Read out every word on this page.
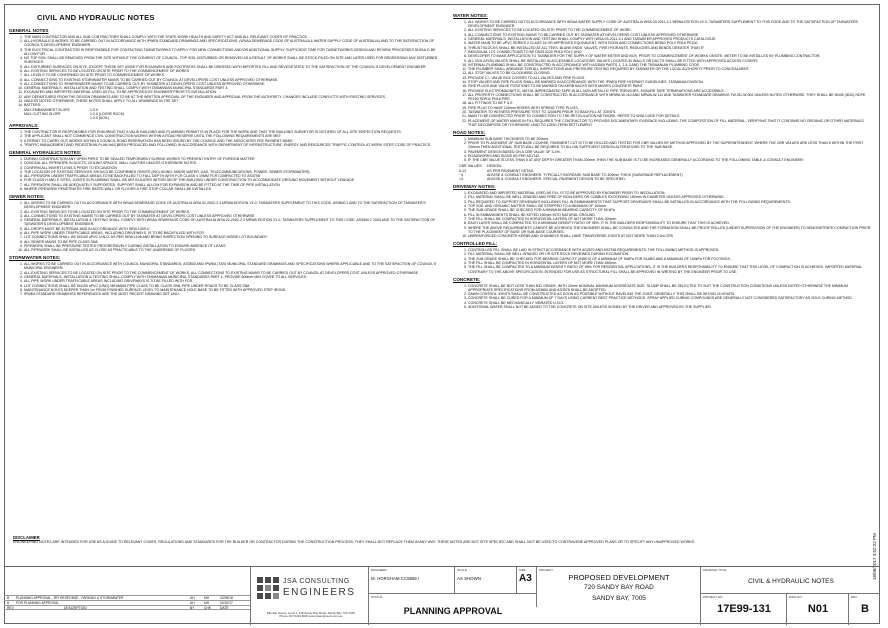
CIVIL AND HYDRAULIC NOTES
GENERAL NOTES
1. THE MAIN CONTRACTOR AND ALL SUB CONTRACTORS SHALL COMPLY WITH THE STATE WORK HEALTH AND SAFETY ACT AND ALL RELEVANT CODES OF PRACTICE.
2. ALL HYDRAULICS WORKS TO BE CARRIED OUT IN ACCORDANCE WITH IPWEA STANDARD DRAWINGS AND SPECIFICATIONS, (WSAA SEWERAGE CODE OF AUSTRALIA & WATER SUPPLY CODE OF AUSTRALIA) AND TO THE SATISFACTION OF COUNCIL'S DEVELOPMENT ENGINEER.
3. THE ELECTRICAL CONTRACTOR IS RESPONSIBLE FOR CONTACTING TASNETWORKS TO APPLY FOR NEW CONNECTIONS AND/OR ADDITIONAL SUPPLY. SUFFICIENT TIME FOR TASNETWORKS DESIGN AND REVIEW PROCESSES SHOULD BE ALLOW FOR.
4. NO TOP SOIL SHALL BE REMOVED FROM THE SITE WITHOUT THE CONSENT OF COUNCIL. TOP SOIL DISTURBED OR REMOVED AS A RESULT OF WORKS SHALL BE STOCK-PILED ON SITE AND LATER USED FOR REDRESSING ANY DISTURBED SURFACES.
5. ALL DISTURBED SURFACES ON SITE, EXCEPT THOSE SET ASIDE FOR ROADWAYS AND FOOTPATHS SHALL BE DRESSED WITH IMPORTED FILL AND REVEGETATED TO THE SATISFACTION OF THE COUNCIL'S DEVELOPMENT ENGINEER.
6. ALL EXISTING SERVICES TO BE LOCATED ON SITE PRIOR TO THE COMMENCEMENT OF WORKS
7. ALL LEVELS TO BE CONFIRMED ON SITE PRIOR TO COMMENCEMENT OF WORKS
8. ALL CONNECTIONS TO EXISTING STORMWATER MAINS TO BE CARRIED OUT BY COUNCIL AT DEVELOPERS COST UNLESS APPROVED OTHERWISE.
9. ALL CONNECTIONS TO SEWER/WATER MAINS TO BE CARRIED OUT BY TASWATER AT DEVELOPERS COST UNLESS APPROVED OTHERWISE.
10. GENERAL MATERIALS, INSTALLATION AND TESTING SHALL COMPLY WITH TASMANIAN MUNICIPAL STANDARDS PART 4.
11. EXCAVATED AND IMPORTED MATERIAL USED AS FILL TO BE APPROVED BY ENGINEER PRIOR TO INSTALLATION.
12. ANY DEPARTURES FROM THE DESIGN DRAWINGS ARE TO BE AT THE WRITTEN APPROVAL OF THE ENGINEER AND APPROVAL FROM THE AUTHORITY. CHANGES INCLUDE CONFLICTS WITH EXISTING SERVICES.
13. UNLESS NOTED OTHERWISE, THESE NOTES SHALL APPLY TO ALL DRAWINGS IN THE SET
14. BATTERS:
MAX EMBANKMENT SLOPE	1:3.0
MAX CUTTING SLOPE	1:2.0 (LOOSE ROCK)
1:3.0 (SOIL)
APPROVALS:
1. THE CONTRACTOR IS RESPONSIBLE FOR ENSURING THAT A VALID BUILDING AND PLUMBING PERMIT IS IN PLACE FOR THE WORK AND THAT THE BUILDING SURVEYOR IS NOTIFIED OF ALL SITE INSPECTION REQUESTS.
2. THE APPLICANT SHALL NOT COMMENCE CIVIL CONSTRUCTION WORKS WITHIN A ROAD RESERVE UNTIL THE FOLLOWING REQUIREMENTS ARE MET:
3. A PERMIT TO CARRY OUT WORKS WITHIN A COUNCIL ROAD RESERVATION HAS BEEN ISSUED BY THE COUNCIL AND THE ASSOCIATED FEE PAYMENT MADE.
4. TRAFFIC MANAGEMENT AND PEDESTRIAN PLAN HAS BEEN PRODUCED AND FOLLOWED IN ACCORDANCE WITH DEPARTMENT OF INFRASTRUCTURE, ENERGY AND RESOURCES 'TRAFFIC CONTROL AT WORK SITES' CODE OF PRACTICE.
GENERAL HYDRAULICS NOTES:
1. DURING CONSTRUCTION ANY OPEN PIPES TO BE SEALED TEMPORARILY DURING WORKS TO PREVENT ENTRY OF FOREIGN MATTER
2. CONCEAL ALL PIPEWORK IN DUCTS, CEILING SPACES, WALL CAVITIES UNLESS OTHERWISE NOTED
3. CONFIRM ALL INVERT LEVELS PRIOR TO EXCAVATION
4. THE LOCATION OF EXISTING SERVICES SHOULD BE CONFIRMED ONSITE (INCLUDING: MAINS WATER, GAS, TELECOMMUNICATIONS, POWER, SEWER STORMWATER).
5. ALL PIPEWORK UNDER TRAFFICABLE AREAS TO BE BACKFILLED TO FULL DEPTH WITH FCR CLASS 4 19MM FCR COMPACTED TO AS3798
6. FOR CLASS H AND E SITES, JOINTS IN PLUMBING SHALL BE ARTICULATED WITHIN 3M OF THE BUILDING UNDER CONSTRUCTION TO ACCOMMODATE GROUND MOVEMENT WITHOUT LEAKAGE
7. ALL PIPEWORK SHALL BE ADEQUATELY SUPPORTED. SUPPORT SHALL ALLOW FOR EXPANSION AND BE FITTED AT THE TIME OF PIPE INSTALLATION
8. WHERE PIPEWORK PENETRATES FIRE RATED WALL OR FLOORS A FIRE STOP COLLAR SHALL BE INSTALLED
SEWER NOTES:
1. ALL WORKS TO BE CARRIED OUT IN ACCORDANCE WITH WSAA SEWERAGE CODE OF AUSTRALIA WSA 02-2002-2.3 MRWA EDITION V1.0, TASWATERS SUPPLEMENT TO THIS CODE, AS3500.2 AND TO THE SATISFACTION OF TASWATER'S DEVELOPMENT ENGINEER.
2. ALL EXISTING SERVICES TO BE LOCATED ON SITE PRIOR TO THE COMMENCEMENT OF WORKS.
3. ALL CONNECTIONS TO EXISTING MAINS TO BE CARRIED OUT BY TASWATER AT DEVELOPERS COST UNLESS APPROVED OTHERWISE.
4. GENERAL MATERIALS, INSTALLATION & TESTING SHALL COMPLY WITH WSAA SEWERAGE CODE OF AUSTRALIA WSA 02-2002-2.3 MRWA EDITION V1.0, TASWATERS SUPPLEMENT TO THIS CODE, AS3500.2 2003 AND TO THE SATISFACTION OF TASWATER'S DEVELOPMENT ENGINEER.
5. ALL DROPS MUST BE INTERNAL AND IN ACCORDANCE WITH SEW-1309-V.
6. ALL PIPE WORK UNDER TRAFFICABLE AREAS, INCLUDING DRIVEWAYS, IS TO BE BACKFILLED WITH FCR.
7. LOT CONNECTIONS SHALL BE DN100 uPVC U.N.O. AS PER SEW-1106 AND BRING INSPECTION OPENING TO SURFACE INSIDE LOT BOUNDARY.
8. ALL SEWER MAINS TO BE PIPE CLASS SN8.
9. PIPEWORK SHALL BE PRESSURE TESTED PROGRESSIVELY DURING INSTALLATION TO ENSURE ABSENCE OF LEAKS.
10. ALL PIPEWORK SHALL BE INSTALLED AS CLOSE AS PRACTICABLE TO THE UNDERSIDE OF FLOORS.
STORMWATER NOTES:
1. ALL WORKS TO BE CARRIED OUT IN ACCORDANCE WITH COUNCIL MUNICIPAL STANDARDS, AS3500 AND IPWEA (TAS) MUNICIPAL STANDARD DRAWINGS AND SPECIFICATIONS WHERE APPLICABLE AND TO THE SATISFACTION OF COUNCIL'S MUNICIPAL ENGINEER.
2. ALL EXISTING SERVICES TO BE LOCATED ON SITE PRIOR TO THE COMMENCEMENT OF WORKS. ALL CONNECTIONS TO EXISTING MAINS TO BE CARRIED OUT BY COUNCIL AT DEVELOPERS COST UNLESS APPROVED OTHERWISE.
3. GENERAL MATERIALS, INSTALLATION & TESTING SHALL COMPLY WITH TASMANIAN MUNICIPAL STANDARDS PART 4. PROVIDE 600mm MIN COVER TO ALL SERVICES.
4. ALL PIPE WORK UNDER TRAFFICABLE AREAS INCLUDING DRIVEWAYS IS TO BE FILLED WITH FCR.
5. LOT CONNECTIONS SHALL BE DN150 uPVC (UNO) MINIMUM PIPE CLASS TO BE CLASS SN8, PIPE UNDER ROADS TO BE CLASS SN8.
6. MAINTENANCE HOLES DEEPER THAN 1m FROM FINISHED SURFACE LEVEL TO MAINTENANCE HOLE BASE TO BE FITTED WITH APPROVED STEP IRONS.
7. IPWEA STANDARD DRAWINGS REFERENCED ARE THE MOST RECENT DRAWING SET UNO.
WATER NOTES:
1. ALL WORKS TO BE CARRIED OUT IN ACCORDANCE WITH WSAA WATER SUPPLY CODE OF AUSTRALIA WSA 03-2011-3.1 MRWA EDITION V2.0, TASWATERS SUPPLEMENT TO THIS CODE AND TO THE SATISFACTION OF TASWATERS DEVELOPMENT ENGINEER.
2. ALL EXISTING SERVICES TO BE LOCATED ON SITE PRIOR TO THE COMMENCEMENT OF WORK.
3. ALL CONNECTIONS TO EXISTING MAINS TO BE CARRIED OUT BY TASWATER AT DEVELOPERS COST UNLESS APPROVED OTHERWISE.
4. GENERAL MATERIALS, INSTALLATION AND TESTING SHALL COMPLY WITH WSA 03-2011-3.1 AND TASWATER APPROVED PRODUCTS CATALOGUE.
5. WATER MAIN TO BE uPVC SERIES 2 CLASS 16 OR APPROVED EQUIVALENT, WITH RODS AND CONNECTIONS BEING POLY PN16 PE100
6. THRUST BLOCKS SHALL BE INSTALLED AT ALL TEES, BLANK ENDS, VALVES, FIRE HYDRANTS, REDUCERS AND BENDS GREATER THAN 5°
7. INDIVIDUAL LOT CONNECTIONS TO BE DN25 ID20 PN16 POLY UNO.
8. DEVELOPER TO MAKE APPLICATION TO TASWATER FOR THE SUPPLY OF WATER METER AND BOX, PRIOR TO COMMENCEMENT OF WORKS ONSITE. METER TO BE INSTALLED BY PLUMBING CONTRACTOR.
9. ALL ISOLATION VALVES SHALL BE INSTALLED IN ACCESSIBLE LOCATIONS. VALVES LOCATED IN WALLS OR DUCTS SHALL BE FITTED WITH APPROVED ACCESS COVERS.
10. INTERNAL PLUMBING SHALL BE CONSTRUCTED IN ACCORDANCE WITH AS3500 PARTS 1, 2 & 3 AND THE TASMANIAN PLUMBING CODE
11. THE PLUMBER SHALL ARRANGE FOR ALL INSPECTIONS AND PRESSURE TESTING REQUIRED BY TASWATER OR THE LOCAL AUTHORITY PRIOR TO CONCEALMENT.
12. ALL STOP VALVES TO BE CLOCKWISE CLOSING.
13. PROVIDE C.I. VALVE BOX COVERS TO ALL VALVES AND FIRE PLUGS.
14. STOP VALVES AND FIRE PLUGS SHALL BE MARKED IN ACCORDANCE WITH THE IPWEA FIRE HYDRANT GUIDELINES: TASMANIA DIVISION.
15. FIRE PLUGS AND VALVE POSITIONS TO BE MARKED ON KERB BACKS WITH MARKS CONCRETE PAINT.
16. PROVIDE ELECTROMAGNETIC, METAL IMPREGNATED TAPE IN ALL NON-METALLIC PIPE TRENCHES. ENSURE TAPE TERMINATIONS ARE ACCESSIBLE.
17. ALL PROPERTY CONNECTIONS SHALL BE CONSTRUCTED IN ACCORDANCE WITH MRWA-W-110 AND MRWA-W-111 AND TASWATER STANDARD DRAWING TW-SD-W-002 UNLESS NOTED OTHERWISE. THEY SHALL BE DN25 (ID20) HDPE PE100 SDR11 PN16 PIPE.
18. ALL FITTINGS TO BE F & E
19. FIRE PLUG TO HAVE 100mm RISERS WITH SPRING TYPE PLUGS.
20. TASWATER TO WITNESS PRESSURE TEST TO 1200kPA PRIOR TO BACKFILL AT JOINTS.
21. MAIN TO BE DISINFECTED PRIOR TO CONNECTION TO THE RETICULATION NETWORK. REFER TO WSA CODE FOR DETAILS.
22. PLACEMENT OF WATER MAINS IN FILL REQUIRES THE CONTRACTOR TO PROVIDE DOCUMENTARY EVIDENCE INCLUDING: THE COMPOSITION OF FILL MATERIAL, VERIFYING THAT IT CONTAINS NO ORGANIC OR OTHER MATERIALS THAT DECOMPOSE OR OTHERWISE LEAD TO LONG TERM SETTLEMENT.
ROAD NOTES:
1. MINIMUM SUB BASE THICKNESS TO BE 200mm.
2. PRIOR TO PLACEMENT OF SUB BASE COURSE, PAVEMENT CUT IS TO BE ROLLED AND TESTED FOR CBR VALUES BY METHOD APPROVED BY THE SUPERINTENDENT. WHERE THE CBR VALUES ARE LESS THAN 5 WITHIN THE FIRST 200mm THEN ADDITIONAL TESTS WILL BE REQUIRED TO ALLOW SUFFICIENT DESIGN ALTERATIONS TO THE SUB BASE.
3. PAVEMENT DESIGN BASED ON A CBR VALUE OF 3-4%.
4. ROADWORKS AND SIGNS AS PER AS1742.
5. IF THE CBR VALUE IS LESS THAN 5 AT ANY DEPTH GREATER THAN 200mm THEN THE SUB BASE IS TO BE INCREASED GENERALLY ACCORDING TO THE FOLLOWING TABLE & CONSULT ENGINEER:
CBR VALUES: DESIGN:
5-12	AS PER PAVEMENT DETAIL
~4	ADVISE & CONSULT ENGINEER. TYPICALLY INCREASE SUB BASE TO 400mm THICK (SUBGRADE REPLACEMENT)
<4	ADVISE & CONSULT ENGINEER. SPECIAL PAVEMENT DESIGN TO BE SPECIFIED.
DRIVEWAY NOTES:
1. EXCAVATED AND IMPORTED MATERIAL USED AS FILL IS TO BE APPROVED BY ENGINEER PRIOR TO INSTALLATION.
2. FILL MATERIAL SHALL BE WELL GRADED AND FREE OF BOULDERS OR COBBLES EXCEEDING 150mm IN DIAMETER UNLESS APPROVED OTHERWISE.
3. FILL REQUIRED TO SUPPORT DRIVEWAYS INCLUDING FILL IN EMBANKMENTS THAT SUPPORT DRIVEWAYS SHALL BE INSTALLED IN ACCORDANCE WITH THE FOLLOWING REQUIREMENTS:
4. TOP SOIL AND ORGANIC MATTER SHALL BE STRIPPED TO A MINIMUM OF 100mm
5. THE SUB GRADE SHALL BE CHECKED FOR A MINIMUM BEARING CAPACITY OF 50 kPa
6. FILL IN EMBANKMENTS SHALL BE KEYED 150mm INTO NATURAL GROUND.
7. THE FILL SHALL BE COMPACTED IN HORIZONTAL LAYERS OF NOT MORE THAN 200mm.
8. EACH LAYER SHALL BE COMPACTED TO A MINIMUM DENSITY RATIO OF 95%. IT IS THE BUILDERS RESPONSIBILITY TO ENSURE THAT THIS IS ACHIEVED.
9. WHERE THE ABOVE REQUIREMENTS CANNOT BE ACHIEVED THE ENGINEER SHALL BE CONSULTED AND THE FORMATION SHALL BE PROOF ROLLED (UNDER SUPERVISION OF THE ENGINEER) TO DEMONSTRATE COMPACTION PRIOR TO THE PLACEMENT OF BASE OR SUB-BASE COURSES.
10. UNREINFORCED CONCRETE KERBS AND CHANNELS SHALL HAVE TRANSVERSE JOINTS AT NOT MORE THAN 3.0m CRS
CONTROLLED FILL:
1. CONTROLLED FILL SHALL BE LAID IN STRICT ACCORDANCE WITH AS2870 AND AS3798 REQUIREMENTS. THE FOLLOWING METHOD IS APPROVED:
2. FILL MATERIAL SHALL BE WELL GRADED OR CR SITE ROCK REVIEWED DURING EXCAVATION.
3. THE SUB GRADE SHALL BE CHECKED FOR BEARING CAPACITY (INDEX) OF A MINIMUM OF 50kPa FOR SLABS AND A MINIMUM OF 100kPa FOR FOOTINGS.
4. THE FILL SHALL BE COMPACTED IN HORIZONTAL LAYERS OF NOT MORE THAN 150mm.
5. THE FILL SHALL BE COMPACTED TO A MINIMUM DENSITY RATIO OF 98% FOR RESIDENTIAL APPLICATIONS. IT IS THE BUILDERS RESPONSIBILITY TO ENSURE THAT THIS LEVEL OF COMPACTION IS ACHIEVED. IMPORTED MATERIAL CONTRARY TO THE ABOVE SPECIFICATION, INTENDED FOR USE AS STRUCTURAL FILL SHALL BE APPROVED IN WRITING BY THE ENGINEER PRIOR TO USE.
CONCRETE:
1. CONCRETE SHALL BE NOT LESS THAN N32 GRADE, WITH 20mm NOMINAL MAXIMUM AGGREGATE SIZE. SLUMP SHALL BE SELECTED TO SUIT THE CONSTRUCTION CONDITIONS UNLESS NOTED OTHERWISE THE MINIMUM APPROPRIATE SPECIFICATIONS FROM AS3600 AND AS3578 SHALL BE ADOPTED.
2. SAWN CONTROL JOINTS SHALL BE CONSTRUCTED AS SOON AS POSSIBLE WITHOUT RAVELING THE JOINT, GENERALLY THIS SHALL BE WITHIN 24 HOURS.
3. CONCRETE SHALL BE CURED FOR A MINIMUM OF 7 DAYS USING CURRENT BEST PRACTICE METHODS. SPRAY APPLIED CURING COMPOUNDS ARE GENERALLY NOT CONSIDERED SATISFACTORY AS SOLE CURING METHOD.
4. CONCRETE SHALL BE MECHANICALLY VIBRATED U.N.O.
5. ADDITIONAL WATER SHALL NOT BE ADDED TO THE CONCRETE ON SITE UNLESS SIGNED BY THE DRIVER AND APPROVED BY THE SUPPLIER.
DISCLAIMER
ENGINEERING NOTES ARE INTENDED FOR USE AS A GUIDE TO RELEVANT CODES, REGULATIONS AND STANDARDS FOR THE BUILDER OR CONTRACTOR DURING THE CONSTRUCTION PROCESS, THEY SHALL NOT REPLACE THEM IN ANY WAY. THESE NOTES ARE NOT SITE SPECIFIC AND SHALL NOT BE USED TO CONTRAVENE APPROVED PLANS OR TO SPECIFY ANY UNAPPROVED WORKS.	18/06/2017 4:52:22 PM
B PLANNING APPROVAL - RFI RESPONSE - PARKING & STORMWATER	AH	MH	22/05/18
A FOR PLANNING APPROVAL	AH	MH	02/10/17
REV	DESCRIPTION	BY	CHK	DATE
JSA CONSULTING
ENGINEERS
Ellerslie House, Level 1, 118 Sandy Bay Road, Sandy Bay TAS 7005
Phone (03) 6224 8620 www.jsaengineers.com.au
ENGINEER
M. HORSHAM CC5865 I
SCALE
AS SHOWN
SIZE
A3
PROJECT
PROPOSED DEVELOPMENT
720 SANDY BAY ROAD
SANDY BAY, 7005
STATUS
PLANNING APPROVAL
DRAWING TITLE
CIVIL & HYDRAULIC NOTES
PROJECT NO.
17E99-131
DWG NO.
N01
REV
B
